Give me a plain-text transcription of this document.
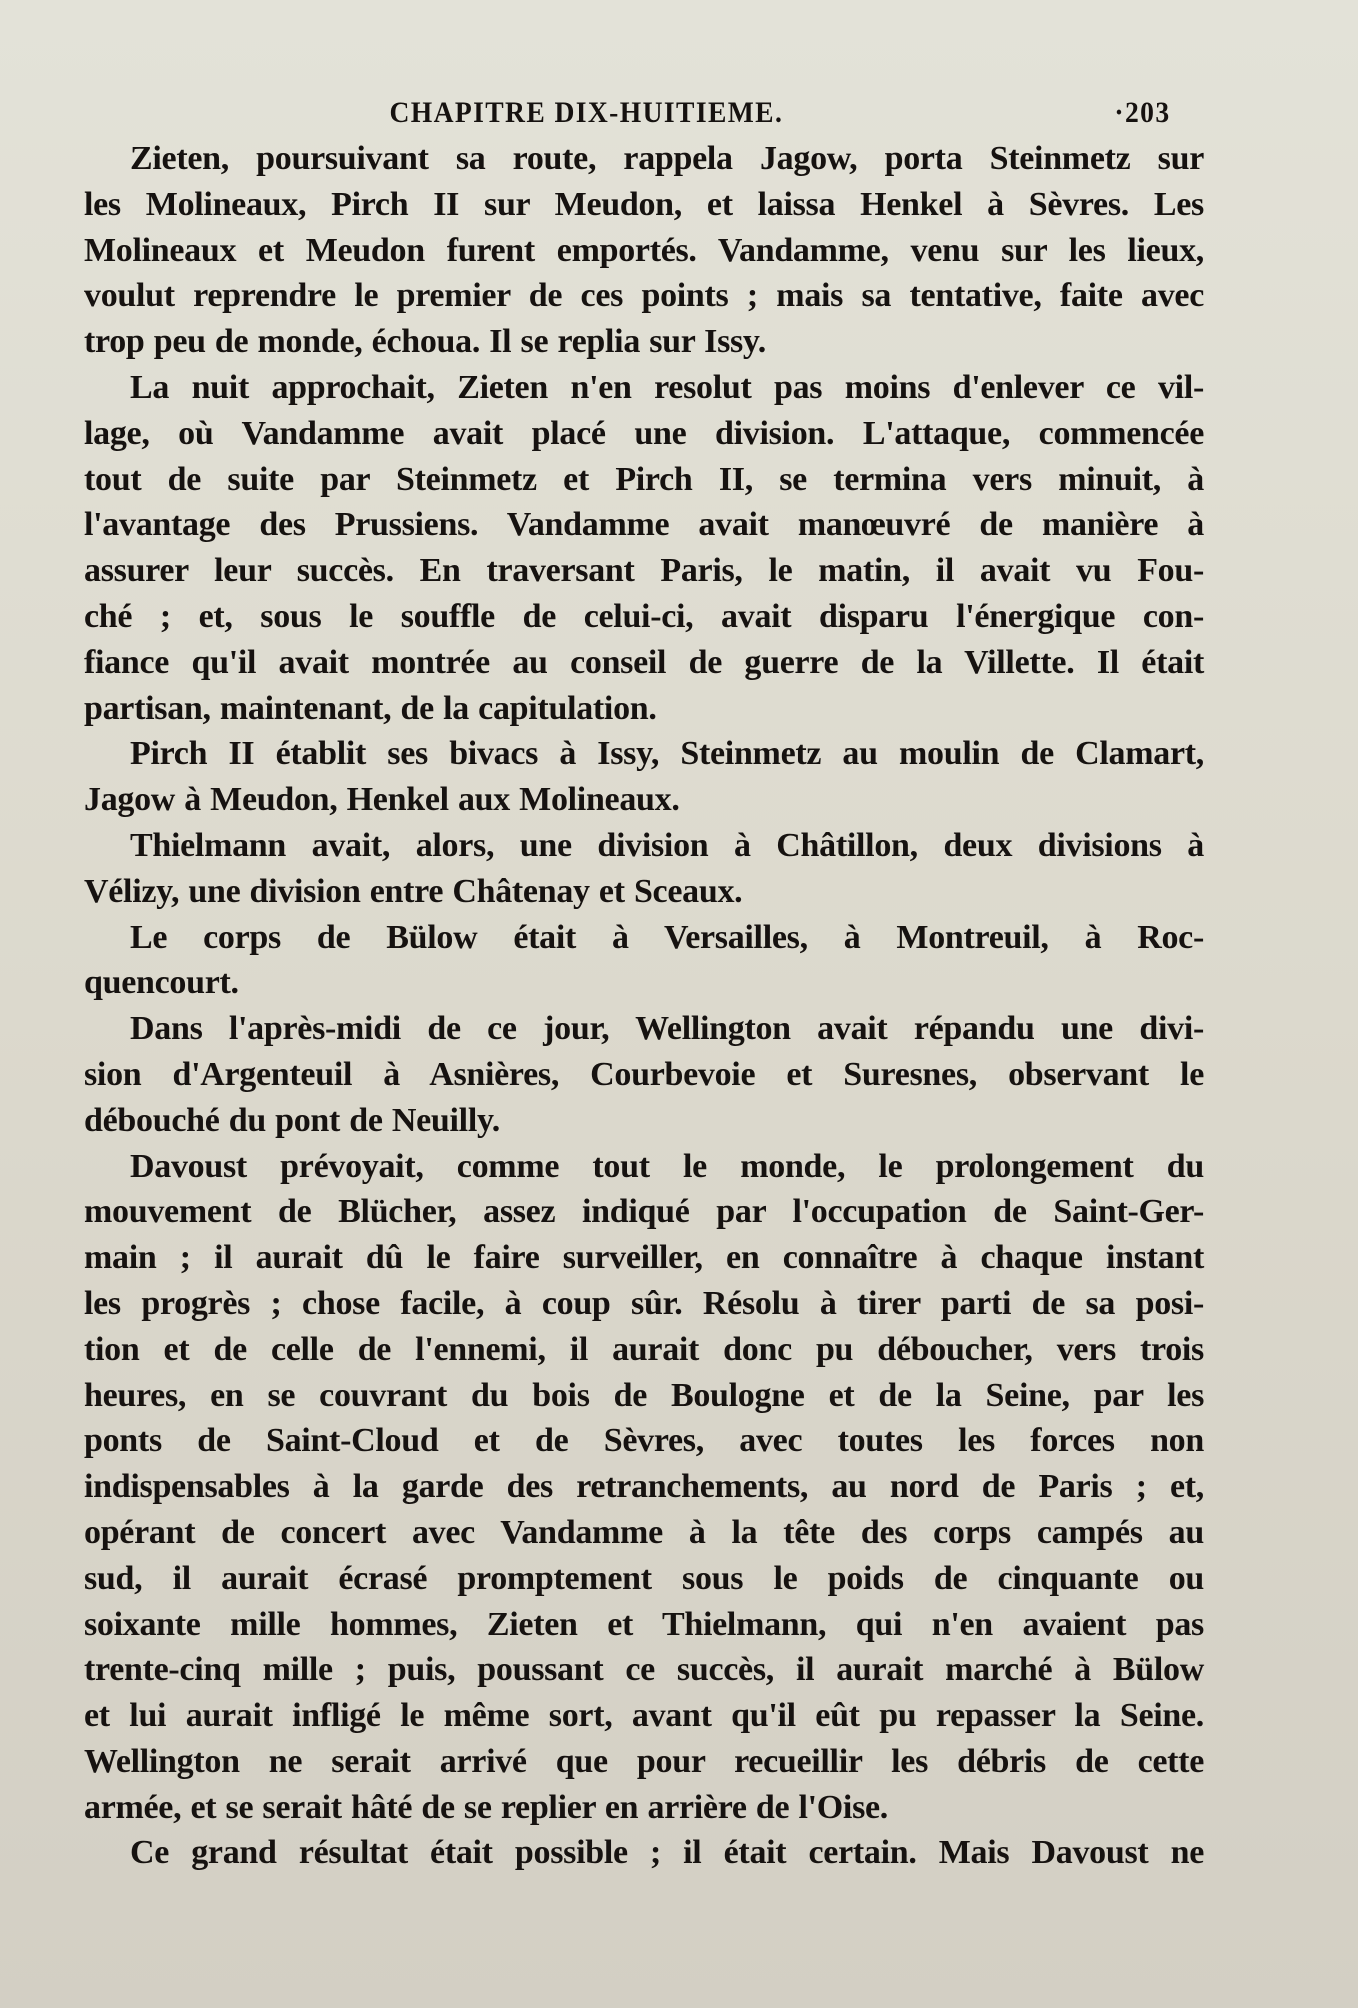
CHAPITRE DIX-HUITIEME.	·203
Zieten, poursuivant sa route, rappela Jagow, porta Steinmetz sur
les Molineaux, Pirch II sur Meudon, et laissa Henkel à Sèvres. Les
Molineaux et Meudon furent emportés. Vandamme, venu sur les lieux,
voulut reprendre le premier de ces points ; mais sa tentative, faite avec
trop peu de monde, échoua. Il se replia sur Issy.
La nuit approchait, Zieten n'en resolut pas moins d'enlever ce vil-
lage, où Vandamme avait placé une division. L'attaque, commencée
tout de suite par Steinmetz et Pirch II, se termina vers minuit, à
l'avantage des Prussiens. Vandamme avait manœuvré de manière à
assurer leur succès. En traversant Paris, le matin, il avait vu Fou-
ché ; et, sous le souffle de celui-ci, avait disparu l'énergique con-
fiance qu'il avait montrée au conseil de guerre de la Villette. Il était
partisan, maintenant, de la capitulation.
Pirch II établit ses bivacs à Issy, Steinmetz au moulin de Clamart,
Jagow à Meudon, Henkel aux Molineaux.
Thielmann avait, alors, une division à Châtillon, deux divisions à
Vélizy, une division entre Châtenay et Sceaux.
Le corps de Bülow était à Versailles, à Montreuil, à Roc-
quencourt.
Dans l'après-midi de ce jour, Wellington avait répandu une divi-
sion d'Argenteuil à Asnières, Courbevoie et Suresnes, observant le
débouché du pont de Neuilly.
Davoust prévoyait, comme tout le monde, le prolongement du
mouvement de Blücher, assez indiqué par l'occupation de Saint-Ger-
main ; il aurait dû le faire surveiller, en connaître à chaque instant
les progrès ; chose facile, à coup sûr. Résolu à tirer parti de sa posi-
tion et de celle de l'ennemi, il aurait donc pu déboucher, vers trois
heures, en se couvrant du bois de Boulogne et de la Seine, par les
ponts de Saint-Cloud et de Sèvres, avec toutes les forces non
indispensables à la garde des retranchements, au nord de Paris ; et,
opérant de concert avec Vandamme à la tête des corps campés au
sud, il aurait écrasé promptement sous le poids de cinquante ou
soixante mille hommes, Zieten et Thielmann, qui n'en avaient pas
trente-cinq mille ; puis, poussant ce succès, il aurait marché à Bülow
et lui aurait infligé le même sort, avant qu'il eût pu repasser la Seine.
Wellington ne serait arrivé que pour recueillir les débris de cette
armée, et se serait hâté de se replier en arrière de l'Oise.
Ce grand résultat était possible ; il était certain. Mais Davoust ne
